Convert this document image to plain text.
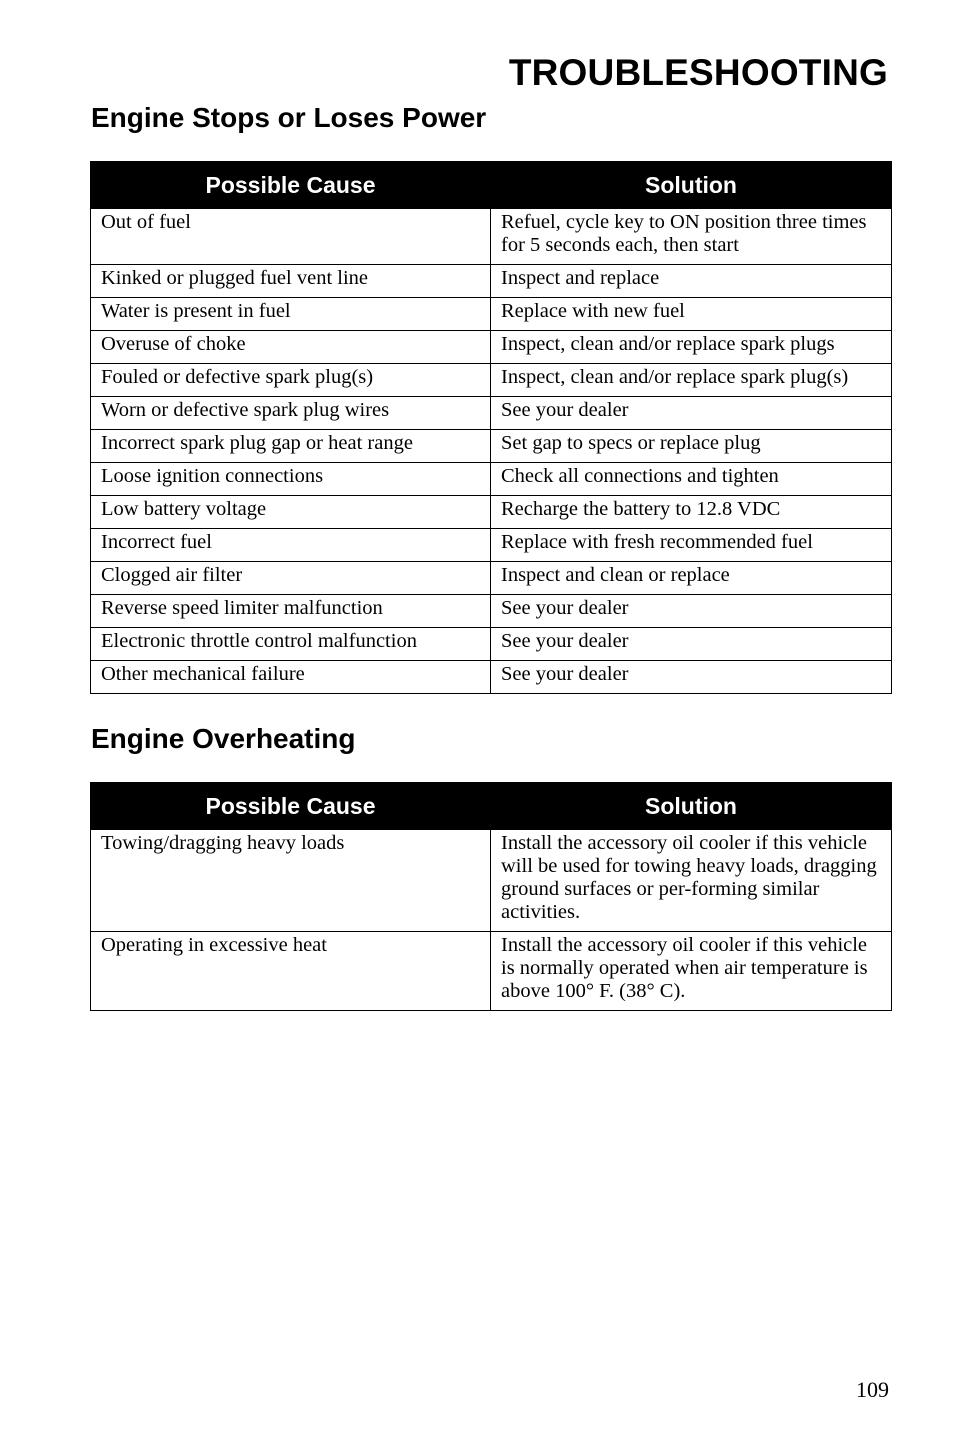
TROUBLESHOOTING
Engine Stops or Loses Power
Possible Cause	Solution
Out of fuel	Refuel, cycle key to ON position three times for 5 seconds each, then start
Kinked or plugged fuel vent line	Inspect and replace
Water is present in fuel	Replace with new fuel
Overuse of choke	Inspect, clean and/or replace spark plugs
Fouled or defective spark plug(s)	Inspect, clean and/or replace spark plug(s)
Worn or defective spark plug wires	See your dealer
Incorrect spark plug gap or heat range	Set gap to specs or replace plug
Loose ignition connections	Check all connections and tighten
Low battery voltage	Recharge the battery to 12.8 VDC
Incorrect fuel	Replace with fresh recommended fuel
Clogged air filter	Inspect and clean or replace
Reverse speed limiter malfunction	See your dealer
Electronic throttle control malfunction	See your dealer
Other mechanical failure	See your dealer
Engine Overheating
Possible Cause	Solution
Towing/dragging heavy loads	Install the accessory oil cooler if this vehicle will be used for towing heavy loads, dragging ground surfaces or per-forming similar activities.
Operating in excessive heat	Install the accessory oil cooler if this vehicle is normally operated when air temperature is above 100° F. (38° C).
109
